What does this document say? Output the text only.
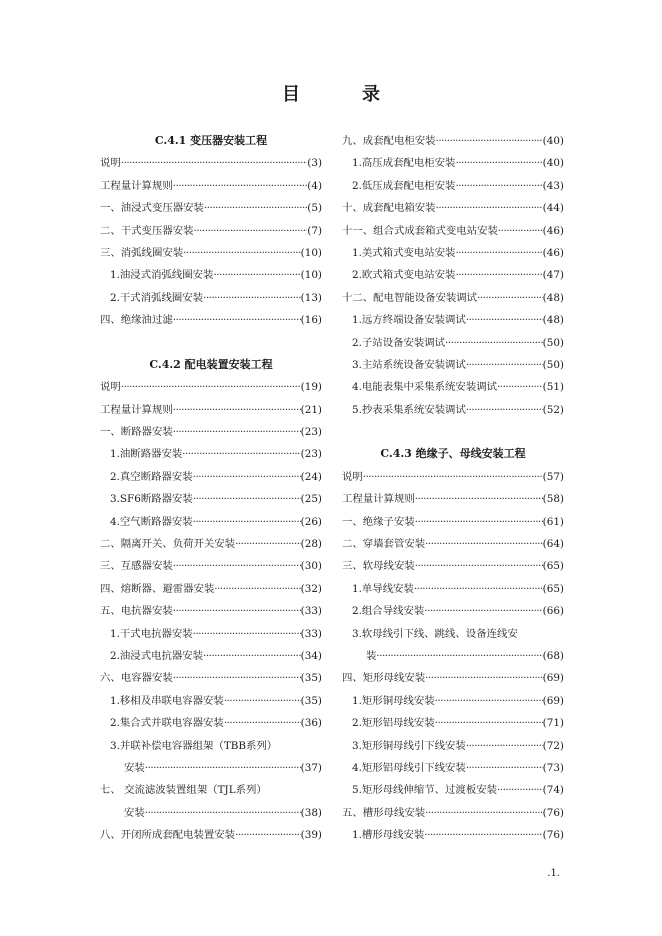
目　录
C.4.1 变压器安装工程
说明 ·····	(3)
工程量计算规则 ·····	(4)
一、油浸式变压器安装 ·····	(5)
二、干式变压器安装 ·····	(7)
三、消弧线圈安装 ·····	(10)
1.油浸式消弧线圈安装 ·····	(10)
2.干式消弧线圈安装 ·····	(13)
四、绝缘油过滤 ·····	(16)
C.4.2 配电装置安装工程
说明 ·····	(19)
工程量计算规则 ·····	(21)
一、断路器安装 ·····	(23)
1.油断路器安装 ·····	(23)
2.真空断路器安装 ·····	(24)
3.SF6断路器安装 ·····	(25)
4.空气断路器安装 ·····	(26)
二、隔离开关、负荷开关安装 ·····	(28)
三、互感器安装 ·····	(30)
四、熔断器、避雷器安装 ·····	(32)
五、电抗器安装 ·····	(33)
1.干式电抗器安装 ·····	(33)
2.油浸式电抗器安装 ·····	(34)
六、电容器安装 ·····	(35)
1.移相及串联电容器安装 ·····	(35)
2.集合式并联电容器安装 ·····	(36)
3.并联补偿电容器组架（TBB系列）
安装 ·····	(37)
七、 交流滤波装置组架（TJL系列）
安装 ·····	(38)
八、开闭所成套配电装置安装 ·····	(39)
九、成套配电柜安装 ·····	(40)
1.高压成套配电柜安装 ·····	(40)
2.低压成套配电柜安装 ·····	(43)
十、成套配电箱安装 ·····	(44)
十一、组合式成套箱式变电站安装 ·····	(46)
1.美式箱式变电站安装 ·····	(46)
2.欧式箱式变电站安装 ·····	(47)
十二、配电智能设备安装调试 ·····	(48)
1.远方终端设备安装调试 ·····	(48)
2.子站设备安装调试 ·····	(50)
3.主站系统设备安装调试 ·····	(50)
4.电能表集中采集系统安装调试 ·····	(51)
5.抄表采集系统安装调试 ·····	(52)
C.4.3 绝缘子、母线安装工程
说明 ·····	(57)
工程量计算规则 ·····	(58)
一、绝缘子安装 ·····	(61)
二、穿墙套管安装 ·····	(64)
三、软母线安装 ·····	(65)
1.单导线安装 ·····	(65)
2.组合导线安装 ·····	(66)
3.软母线引下线、跳线、设备连线安
装 ·····	(68)
四、矩形母线安装 ·····	(69)
1.矩形铜母线安装 ·····	(69)
2.矩形铝母线安装 ·····	(71)
3.矩形铜母线引下线安装 ·····	(72)
4.矩形铝母线引下线安装 ·····	(73)
5.矩形母线伸缩节、过渡板安装 ·····	(74)
五、槽形母线安装 ·····	(76)
1.槽形母线安装 ·····	(76)
.1.
